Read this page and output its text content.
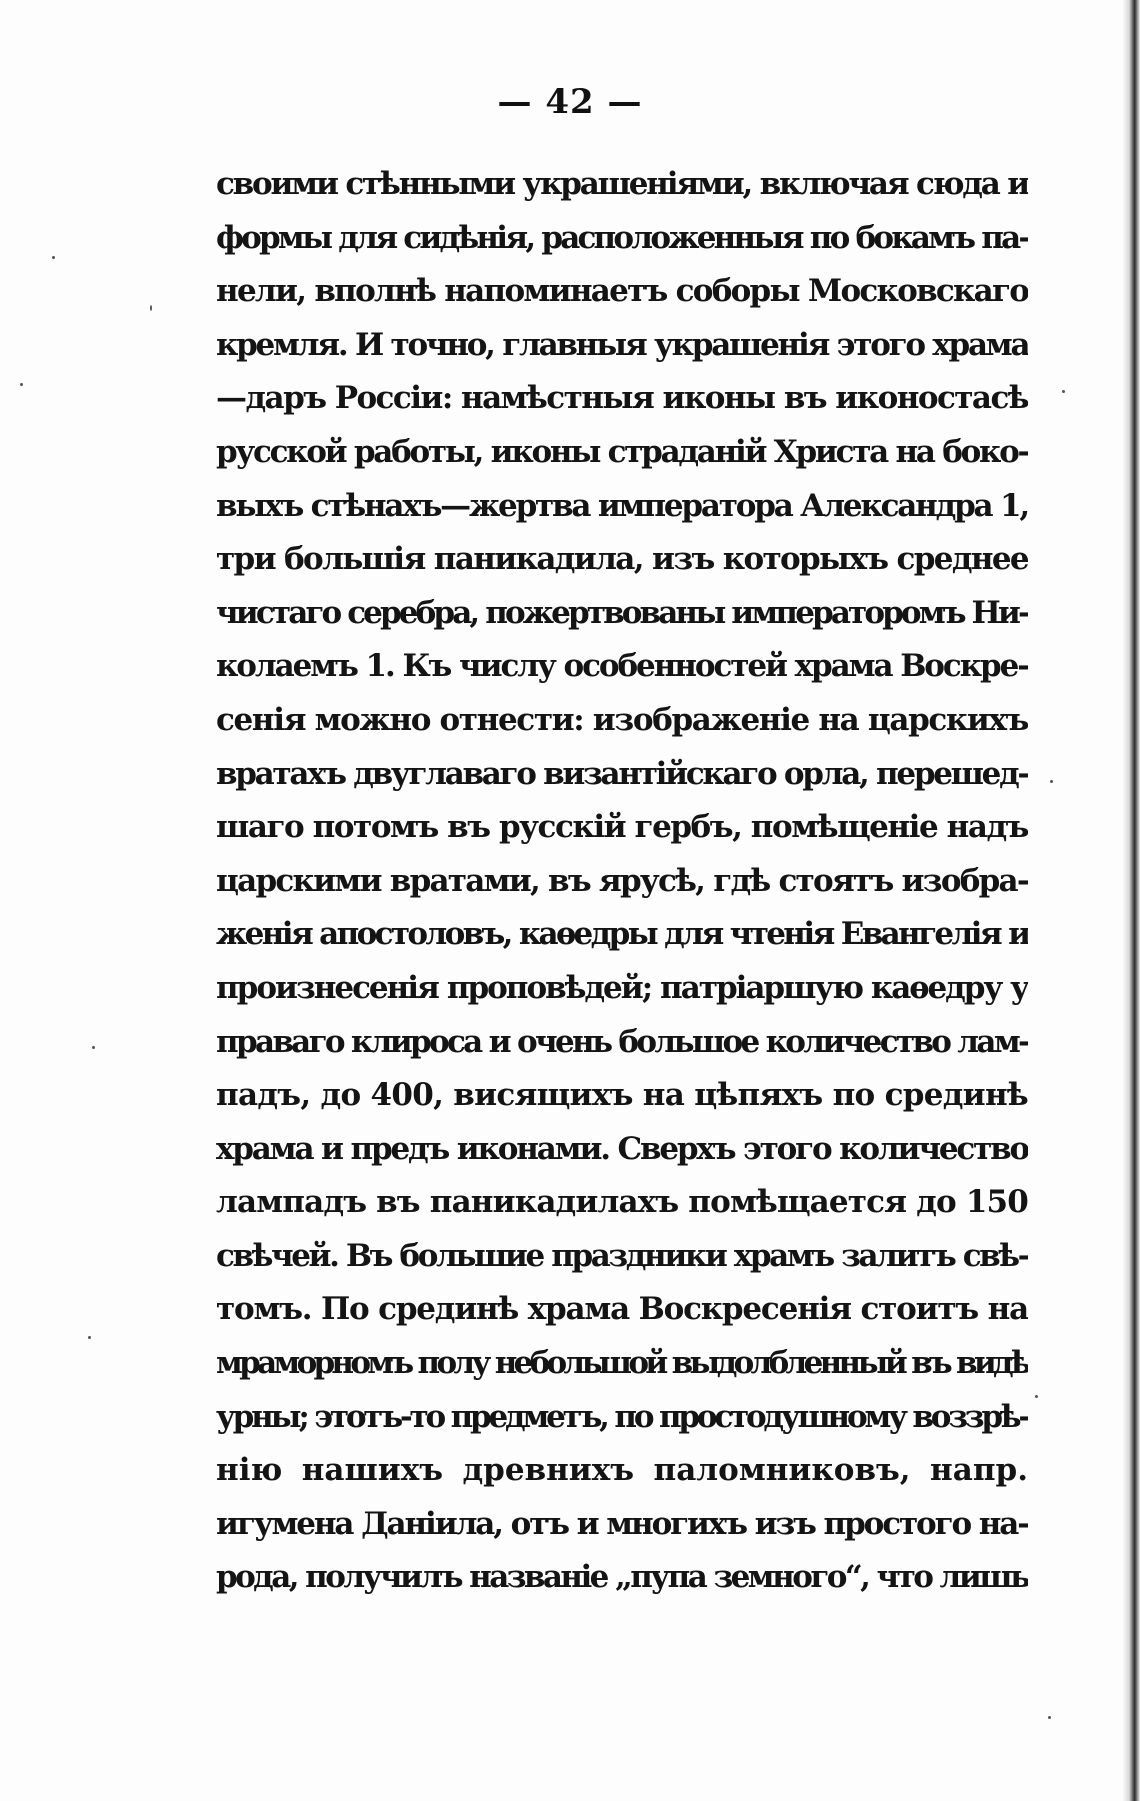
— 42 —
своими стѣнными украшеніями, включая сюда и
формы для сидѣнія, расположенныя по бокамъ па-
нели, вполнѣ напоминаетъ соборы Московскаго
кремля. И точно, главныя украшенія этого храма
—даръ Россіи: намѣстныя иконы въ иконостасѣ
русской работы, иконы страданій Христа на боко-
выхъ стѣнахъ—жертва императора Александра 1,
три большія паникадила, изъ которыхъ среднее
чистаго серебра, пожертвованы императоромъ Ни-
колаемъ 1. Къ числу особенностей храма Воскре-
сенія можно отнести: изображеніе на царскихъ
вратахъ двуглаваго византійскаго орла, перешед-
шаго потомъ въ русскій гербъ, помѣщеніе надъ
царскими вратами, въ ярусѣ, гдѣ стоятъ изобра-
женія апостоловъ, каѳедры для чтенія Евангелія и
произнесенія проповѣдей; патріаршую каѳедру у
праваго клироса и очень большое количество лам-
падъ, до 400, висящихъ на цѣпяхъ по срединѣ
храма и предъ иконами. Сверхъ этого количество
лампадъ въ паникадилахъ помѣщается до 150
свѣчей. Въ большие праздники храмъ залитъ свѣ-
томъ. По срединѣ храма Воскресенія стоитъ на
мраморномъ полу небольшой выдолбленный въ видѣ
урны; этотъ-то предметъ, по простодушному воззрѣ-
нію нашихъ древнихъ паломниковъ, напр.
игумена Даніила, отъ и многихъ изъ простого на-
рода, получилъ названіе „пупа земного“, что лишь
